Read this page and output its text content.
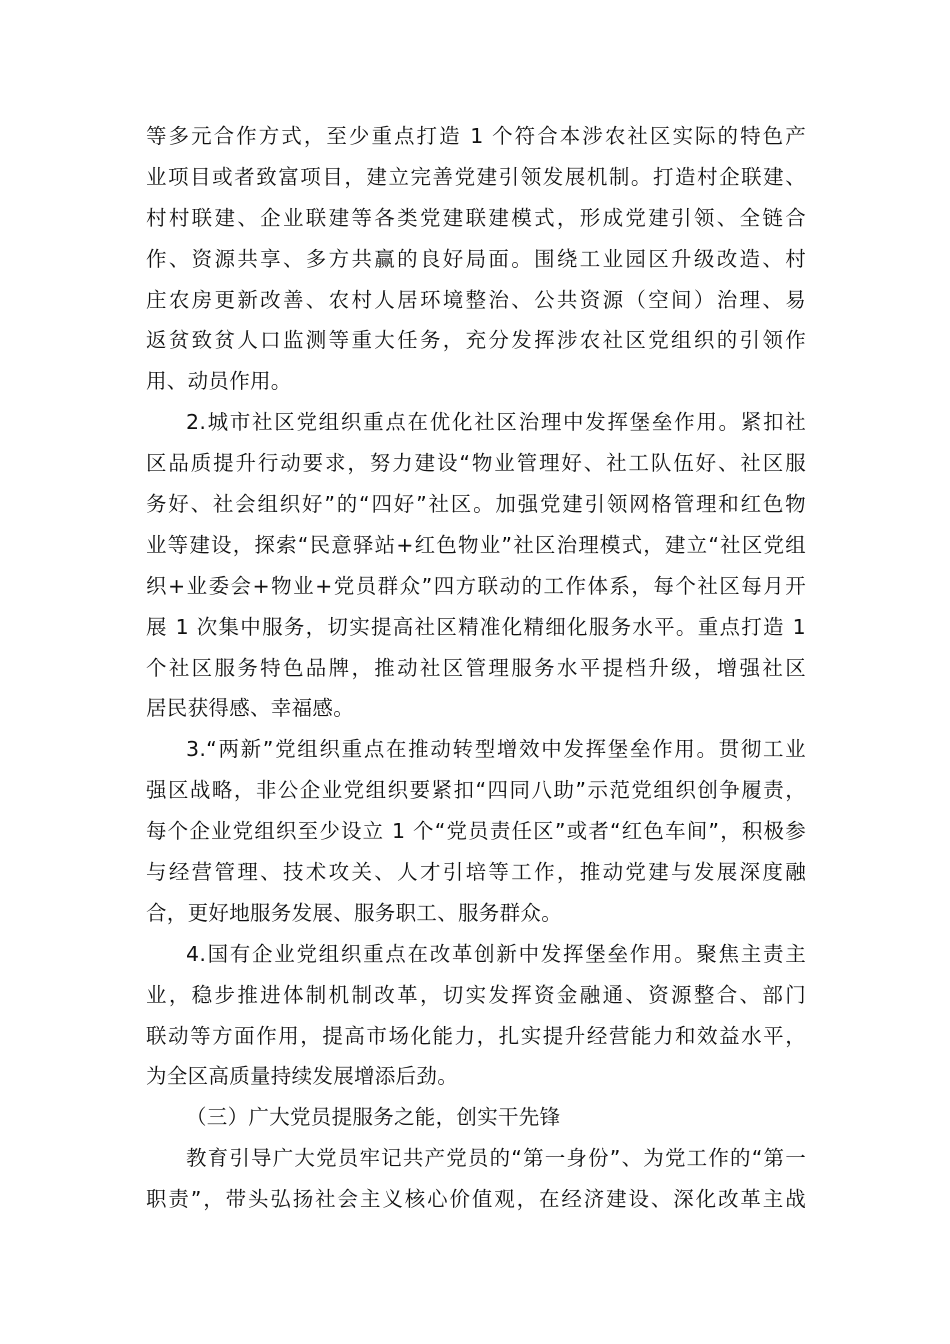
等多元合作方式，至少重点打造 1 个符合本涉农社区实际的特色产
业项目或者致富项目，建立完善党建引领发展机制。打造村企联建、
村村联建、企业联建等各类党建联建模式，形成党建引领、全链合
作、资源共享、多方共赢的良好局面。围绕工业园区升级改造、村
庄农房更新改善、农村人居环境整治、公共资源（空间）治理、易
返贫致贫人口监测等重大任务，充分发挥涉农社区党组织的引领作
用、动员作用。
2.城市社区党组织重点在优化社区治理中发挥堡垒作用。紧扣社
区品质提升行动要求，努力建设“物业管理好、社工队伍好、社区服
务好、社会组织好”的“四好”社区。加强党建引领网格管理和红色物
业等建设，探索“民意驿站+红色物业”社区治理模式，建立“社区党组
织+业委会+物业+党员群众”四方联动的工作体系，每个社区每月开
展 1 次集中服务，切实提高社区精准化精细化服务水平。重点打造 1
个社区服务特色品牌，推动社区管理服务水平提档升级，增强社区
居民获得感、幸福感。
3.“两新”党组织重点在推动转型增效中发挥堡垒作用。贯彻工业
强区战略，非公企业党组织要紧扣“四同八助”示范党组织创争履责，
每个企业党组织至少设立 1 个“党员责任区”或者“红色车间”，积极参
与经营管理、技术攻关、人才引培等工作，推动党建与发展深度融
合，更好地服务发展、服务职工、服务群众。
4.国有企业党组织重点在改革创新中发挥堡垒作用。聚焦主责主
业，稳步推进体制机制改革，切实发挥资金融通、资源整合、部门
联动等方面作用，提高市场化能力，扎实提升经营能力和效益水平，
为全区高质量持续发展增添后劲。
（三）广大党员提服务之能，创实干先锋
教育引导广大党员牢记共产党员的“第一身份”、为党工作的“第一
职责”，带头弘扬社会主义核心价值观，在经济建设、深化改革主战
